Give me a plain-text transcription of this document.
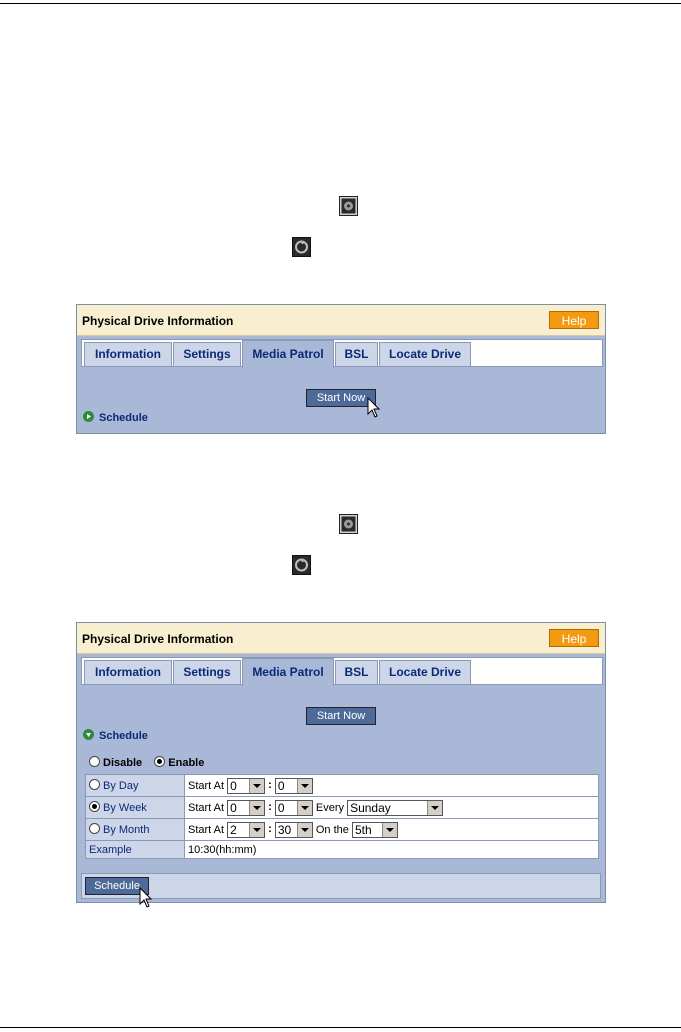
Physical Drive Information	Help
Information	Settings	Media Patrol	BSL	Locate Drive
Start Now
Schedule
Physical Drive Information	Help
Information	Settings	Media Patrol	BSL	Locate Drive
Start Now
Schedule
Disable Enable
By Day	Start At 0 : 0

By Week	Start At 0 : 0 Every Sunday

By Month	Start At 2 : 30 On the 5th

Example	10:30(hh:mm)
Schedule
